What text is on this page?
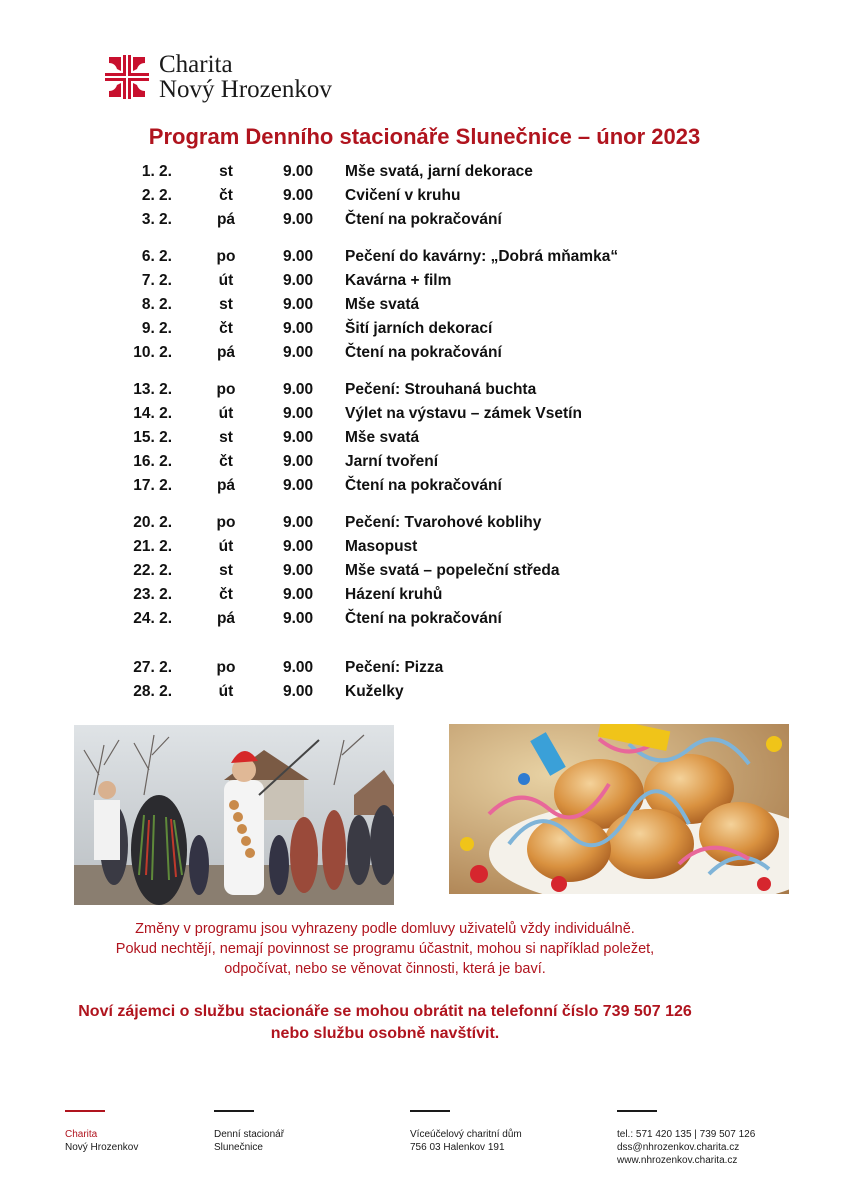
Charita
Nový Hrozenkov
Program Denního stacionáře Slunečnice – únor 2023
1. 2.	st	9.00	Mše svatá, jarní dekorace
2. 2.	čt	9.00	Cvičení v kruhu
3. 2.	pá	9.00	Čtení na pokračování
6. 2.	po	9.00	Pečení do kavárny: „Dobrá mňamka“
7. 2.	út	9.00	Kavárna + film
8. 2.	st	9.00	Mše svatá
9. 2.	čt	9.00	Šití jarních dekorací
10. 2.	pá	9.00	Čtení na pokračování
13. 2.	po	9.00	Pečení: Strouhaná buchta
14. 2.	út	9.00	Výlet na výstavu – zámek Vsetín
15. 2.	st	9.00	Mše svatá
16. 2.	čt	9.00	Jarní tvoření
17. 2.	pá	9.00	Čtení na pokračování
20. 2.	po	9.00	Pečení: Tvarohové koblihy
21. 2.	út	9.00	Masopust
22. 2.	st	9.00	Mše svatá – popeleční středa
23. 2.	čt	9.00	Házení kruhů
24. 2.	pá	9.00	Čtení na pokračování
27. 2.	po	9.00	Pečení: Pizza
28. 2.	út	9.00	Kuželky
Změny v programu jsou vyhrazeny podle domluvy uživatelů vždy individuálně.
Pokud nechtějí, nemají povinnost se programu účastnit, mohou si například poležet,
odpočívat, nebo se věnovat činnosti, která je baví.
Noví zájemci o službu stacionáře se mohou obrátit na telefonní číslo 739 507 126
nebo službu osobně navštívit.
Charita
Nový Hrozenkov
Denní stacionář
Slunečnice
Víceúčelový charitní dům
756 03 Halenkov 191
tel.: 571 420 135 | 739 507 126
dss@nhrozenkov.charita.cz
www.nhrozenkov.charita.cz
